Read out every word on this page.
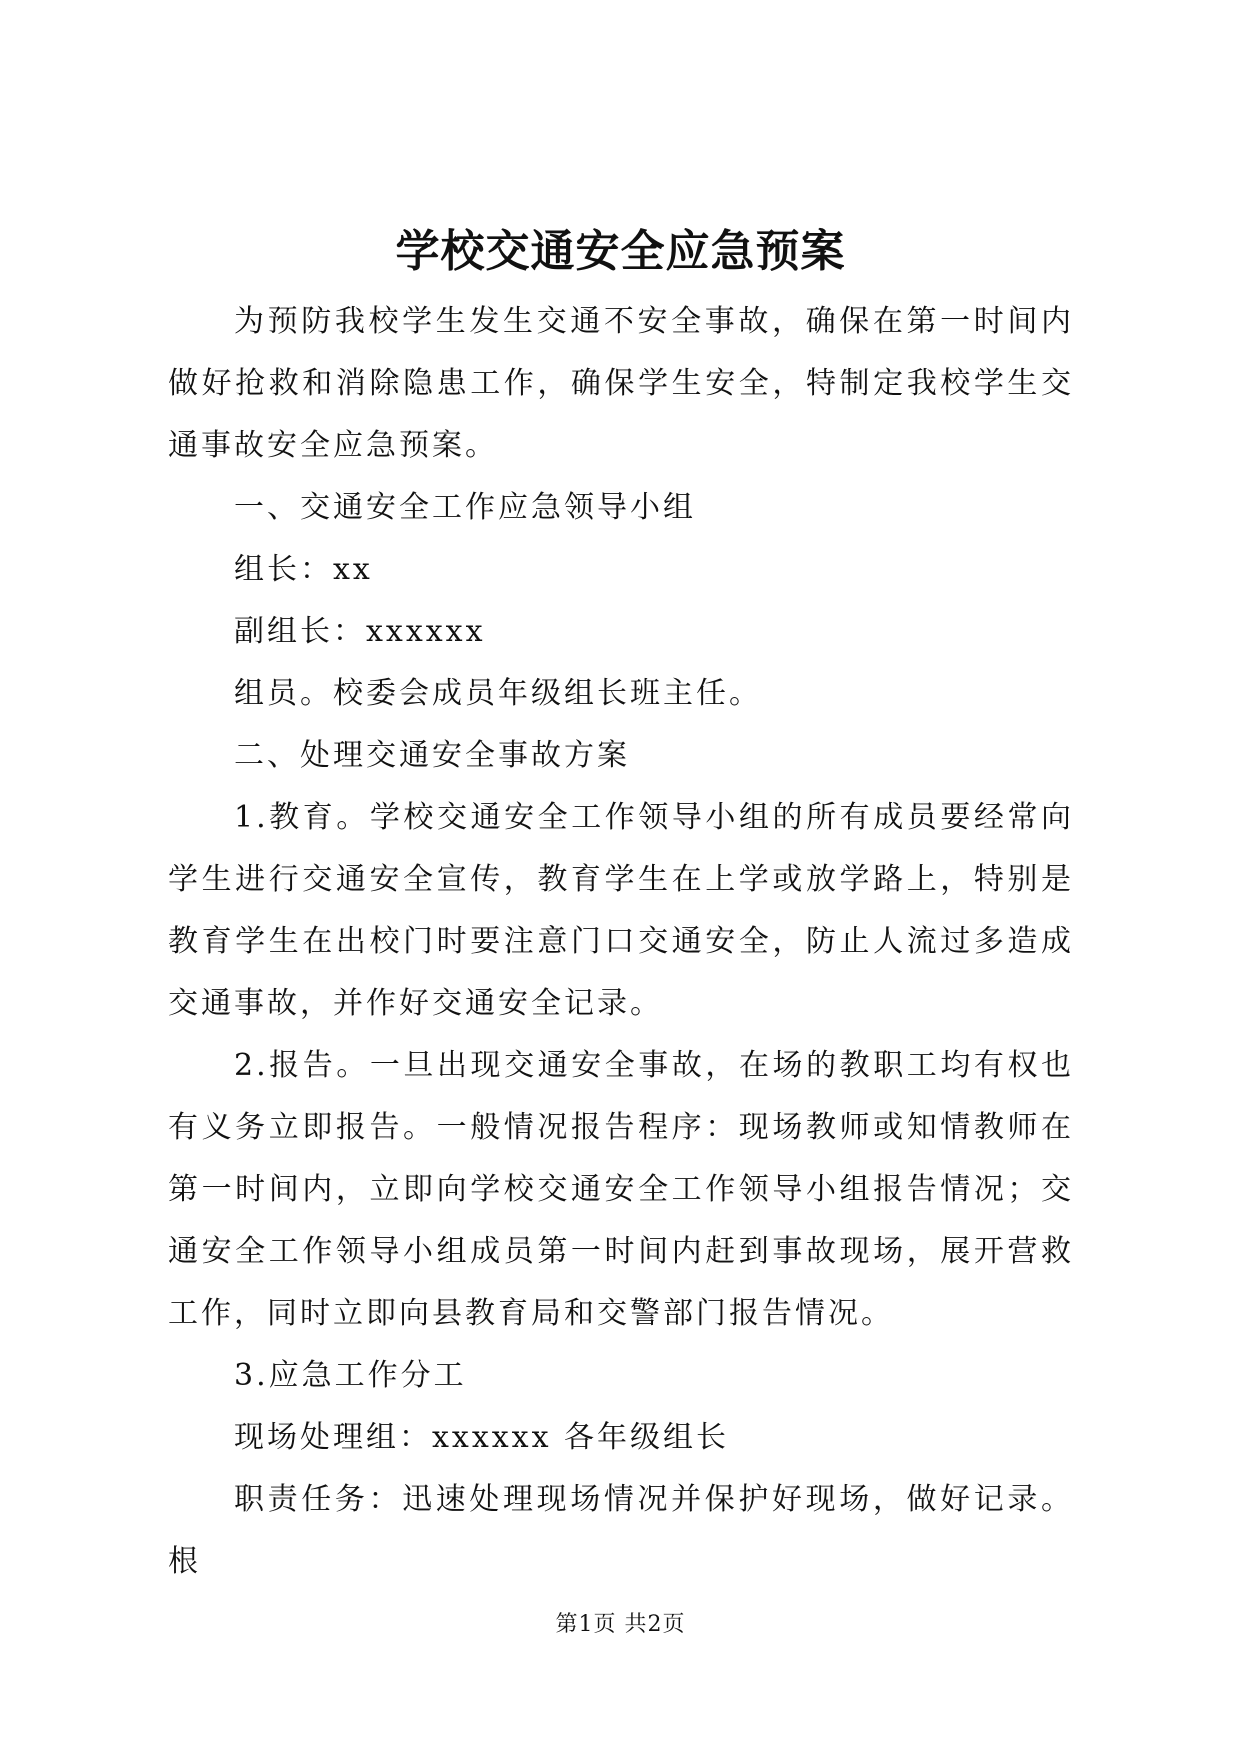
学校交通安全应急预案

为预防我校学生发生交通不安全事故，确保在第一时间内做好抢救和消除隐患工作，确保学生安全，特制定我校学生交通事故安全应急预案。

一、交通安全工作应急领导小组

组长：xx

副组长：xxxxxx

组员。校委会成员年级组长班主任。

二、处理交通安全事故方案

1.教育。学校交通安全工作领导小组的所有成员要经常向学生进行交通安全宣传，教育学生在上学或放学路上，特别是教育学生在出校门时要注意门口交通安全，防止人流过多造成交通事故，并作好交通安全记录。

2.报告。一旦出现交通安全事故，在场的教职工均有权也有义务立即报告。一般情况报告程序：现场教师或知情教师在第一时间内，立即向学校交通安全工作领导小组报告情况；交通安全工作领导小组成员第一时间内赶到事故现场，展开营救工作，同时立即向县教育局和交警部门报告情况。

3.应急工作分工

现场处理组：xxxxxx 各年级组长

职责任务：迅速处理现场情况并保护好现场，做好记录。根

第1页 共2页
